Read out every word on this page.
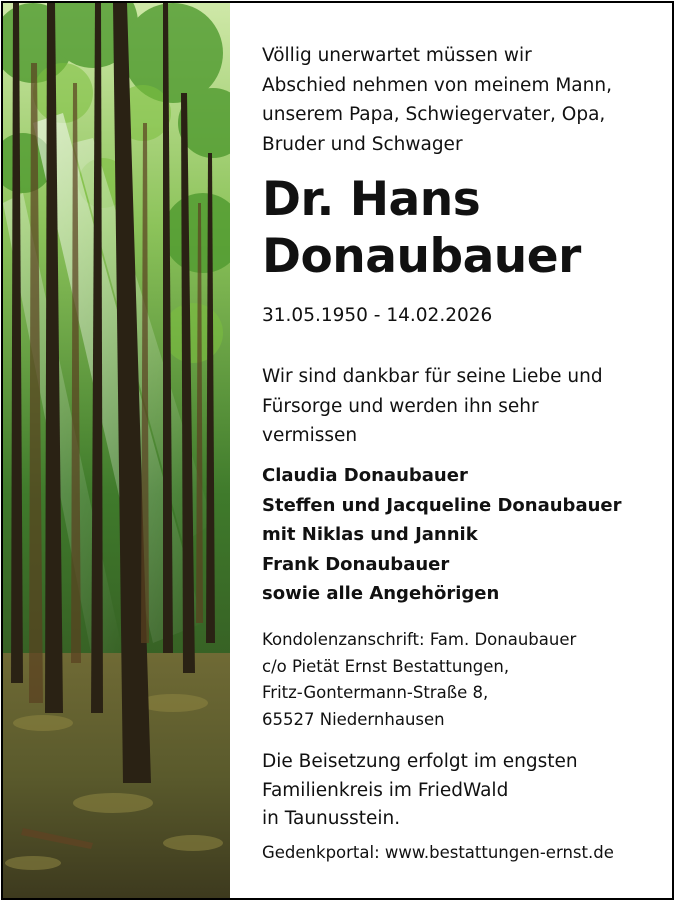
Völlig unerwartet müssen wir
Abschied nehmen von meinem Mann,
unserem Papa, Schwiegervater, Opa,
Bruder und Schwager
Dr. Hans
Donaubauer
31.05.1950 - 14.02.2026
Wir sind dankbar für seine Liebe und
Fürsorge und werden ihn sehr
vermissen
Claudia Donaubauer
Steffen und Jacqueline Donaubauer
mit Niklas und Jannik
Frank Donaubauer
sowie alle Angehörigen
Kondolenzanschrift: Fam. Donaubauer
c/o Pietät Ernst Bestattungen,
Fritz-Gontermann-Straße 8,
65527 Niedernhausen
Die Beisetzung erfolgt im engsten
Familienkreis im FriedWald
in Taunusstein.
Gedenkportal: www.bestattungen-ernst.de
